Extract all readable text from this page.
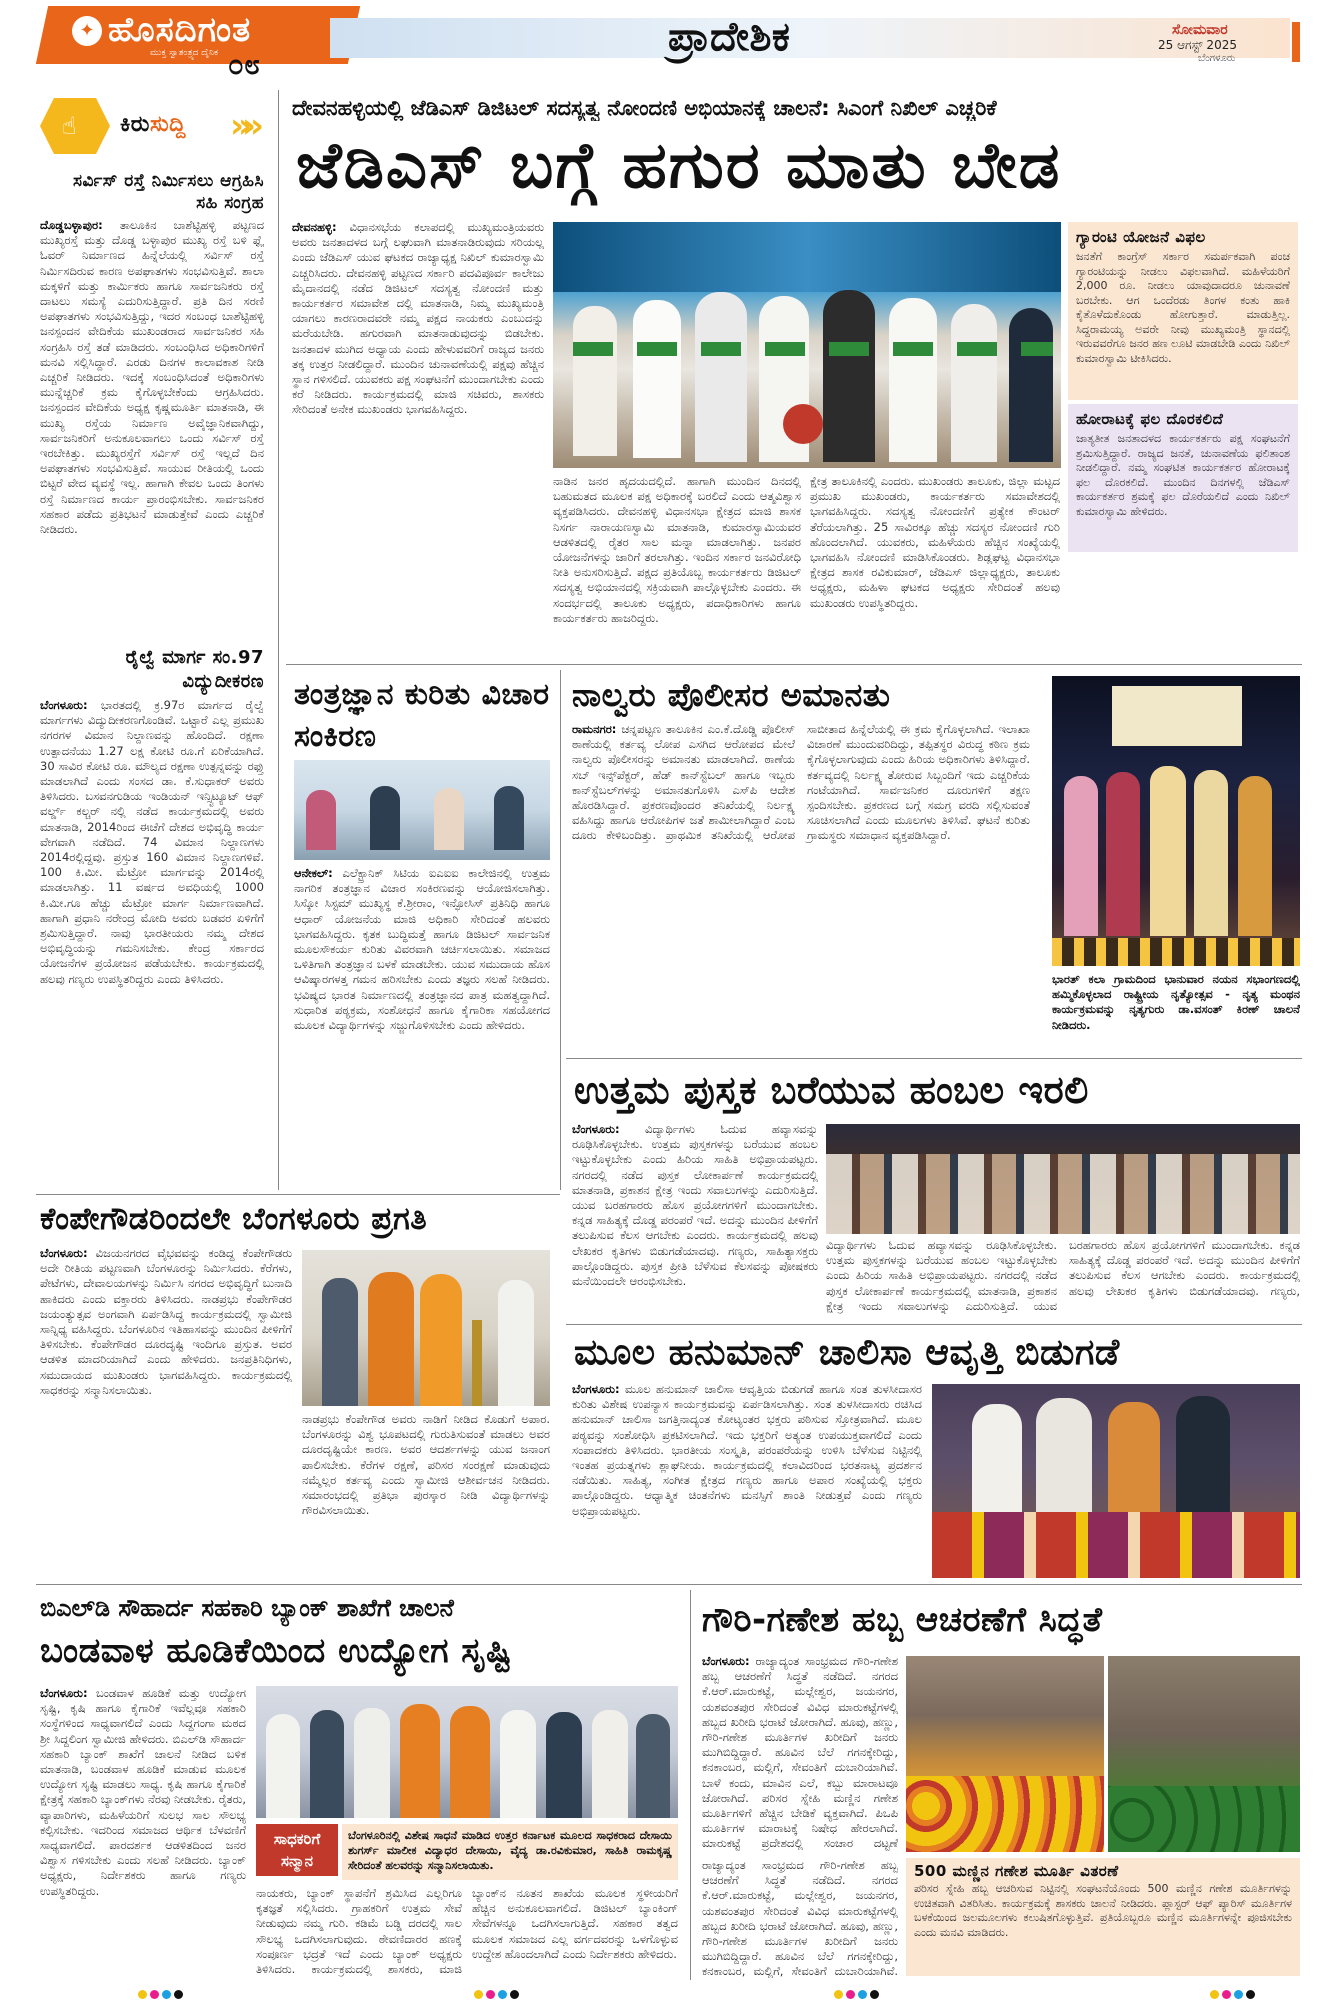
✦ ಹೊಸದಿಗಂತ
ಮುಕ್ತ ಸ್ವಾತಂತ್ರ್ಯದ ದೈನಿಕ ೦೮
ಪ್ರಾದೇಶಿಕ	ಸೋಮವಾರ
25 ಆಗಸ್ಟ್ 2025
ಬೆಂಗಳೂರು
☝ ಕಿರುಸುದ್ದಿ »»
ಸರ್ವಿಸ್ ರಸ್ತೆ ನಿರ್ಮಿಸಲು ಆಗ್ರಹಿಸಿ ಸಹಿ ಸಂಗ್ರಹ
ದೊಡ್ಡಬಳ್ಳಾಪುರ: ತಾಲೂಕಿನ ಬಾಶೆಟ್ಟಿಹಳ್ಳಿ ಪಟ್ಟಣದ ಮುಖ್ಯರಸ್ತೆ ಮತ್ತು ದೊಡ್ಡ ಬಳ್ಳಾಪುರ ಮುಖ್ಯ ರಸ್ತೆ ಬಳಿ ಫ್ಲೈ ಓವರ್ ನಿರ್ಮಾಣದ ಹಿನ್ನೆಲೆಯಲ್ಲಿ ಸರ್ವಿಸ್ ರಸ್ತೆ ನಿರ್ಮಿಸದಿರುವ ಕಾರಣ ಅಪಘಾತಗಳು ಸಂಭವಿಸುತ್ತಿವೆ. ಶಾಲಾ ಮಕ್ಕಳಿಗೆ ಮತ್ತು ಕಾರ್ಮಿಕರು ಹಾಗೂ ಸಾರ್ವಜನಿಕರು ರಸ್ತೆ ದಾಟಲು ಸಮಸ್ಯೆ ಎದುರಿಸುತ್ತಿದ್ದಾರೆ. ಪ್ರತಿ ದಿನ ಸರಣಿ ಅಪಘಾತಗಳು ಸಂಭವಿಸುತ್ತಿದ್ದು, ಇದರ ಸಂಬಂಧ ಬಾಶೆಟ್ಟಿಹಳ್ಳಿ ಜನಸ್ಪಂದನ ವೇದಿಕೆಯ ಮುಖಂಡರಾದ ಸಾರ್ವಜನಿಕರ ಸಹಿ ಸಂಗ್ರಹಿಸಿ ರಸ್ತೆ ತಡೆ ಮಾಡಿದರು. ಸಂಬಂಧಿಸಿದ ಅಧಿಕಾರಿಗಳಿಗೆ ಮನವಿ ಸಲ್ಲಿಸಿದ್ದಾರೆ. ಎರಡು ದಿನಗಳ ಕಾಲಾವಕಾಶ ನೀಡಿ ಎಚ್ಚರಿಕೆ ನೀಡಿದರು. ಇದಕ್ಕೆ ಸಂಬಂಧಿಸಿದಂತೆ ಅಧಿಕಾರಿಗಳು ಮುನ್ನೆಚ್ಚರಿಕೆ ಕ್ರಮ ಕೈಗೊಳ್ಳಬೇಕೆಂದು ಆಗ್ರಹಿಸಿದರು. ಜನಸ್ಪಂದನ ವೇದಿಕೆಯ ಅಧ್ಯಕ್ಷ ಕೃಷ್ಣಮೂರ್ತಿ ಮಾತನಾಡಿ, ಈ ಮುಖ್ಯ ರಸ್ತೆಯ ನಿರ್ಮಾಣ ಅವೈಜ್ಞಾನಿಕವಾಗಿದ್ದು, ಸಾರ್ವಜನಿಕರಿಗೆ ಅನುಕೂಲವಾಗಲು ಒಂದು ಸರ್ವಿಸ್ ರಸ್ತೆ ಇರಬೇಕಿತ್ತು. ಮುಖ್ಯರಸ್ತೆಗೆ ಸರ್ವಿಸ್ ರಸ್ತೆ ಇಲ್ಲದೆ ದಿನ ಅಪಘಾತಗಳು ಸಂಭವಿಸುತ್ತಿವೆ. ಸಾಯುವ ರೀತಿಯಲ್ಲಿ ಒಂದು ಬಿಟ್ಟರೆ ವೇದ ವ್ಯವಸ್ಥೆ ಇಲ್ಲ. ಹಾಗಾಗಿ ಕೇವಲ ಒಂದು ತಿಂಗಳು ರಸ್ತೆ ನಿರ್ಮಾಣದ ಕಾರ್ಯ ಪ್ರಾರಂಭಿಸಬೇಕು. ಸಾರ್ವಜನಿಕರ ಸಹಕಾರ ಪಡೆದು ಪ್ರತಿಭಟನೆ ಮಾಡುತ್ತೇವೆ ಎಂದು ಎಚ್ಚರಿಕೆ ನೀಡಿದರು.
ರೈಲ್ವೆ ಮಾರ್ಗ ಸಂ.97 ವಿದ್ಯುದೀಕರಣ
ಬೆಂಗಳೂರು: ಭಾರತದಲ್ಲಿ ಕ್ರ.97ರ ಮಾರ್ಗದ ರೈಲ್ವೆ ಮಾರ್ಗಗಳು ವಿದ್ಯುದೀಕರಣಗೊಂಡಿವೆ. ಒಟ್ಟಾರೆ ಎಲ್ಲ ಪ್ರಮುಖ ನಗರಗಳ ವಿಮಾನ ನಿಲ್ದಾಣವನ್ನು ಹೊಂದಿದೆ. ರಕ್ಷಣಾ ಉತ್ಪಾದನೆಯು 1.27 ಲಕ್ಷ ಕೋಟಿ ರೂ.ಗೆ ಏರಿಕೆಯಾಗಿದೆ. 30 ಸಾವಿರ ಕೋಟಿ ರೂ. ಮೌಲ್ಯದ ರಕ್ಷಣಾ ಉತ್ಪನ್ನವನ್ನು ರಫ್ತು ಮಾಡಲಾಗಿದೆ ಎಂದು ಸಂಸದ ಡಾ. ಕೆ.ಸುಧಾಕರ್ ಅವರು ತಿಳಿಸಿದರು. ಬಸವನಗುಡಿಯ ಇಂಡಿಯನ್ ಇನ್ಸ್ಟಿಟ್ಯೂಟ್ ಆಫ್ ವರ್ಲ್ಡ್ ಕಲ್ಚರ್ ನಲ್ಲಿ ನಡೆದ ಕಾರ್ಯಕ್ರಮದಲ್ಲಿ ಅವರು ಮಾತನಾಡಿ, 2014ರಿಂದ ಈಚೆಗೆ ದೇಶದ ಅಭಿವೃದ್ಧಿ ಕಾರ್ಯ ವೇಗವಾಗಿ ನಡೆದಿದೆ. 74 ವಿಮಾನ ನಿಲ್ದಾಣಗಳು 2014ರಲ್ಲಿದ್ದವು. ಪ್ರಸ್ತುತ 160 ವಿಮಾನ ನಿಲ್ದಾಣಗಳಿವೆ. 100 ಕಿ.ಮೀ. ಮೆಟ್ರೋ ಮಾರ್ಗವನ್ನು 2014ರಲ್ಲಿ ಮಾಡಲಾಗಿತ್ತು. 11 ವರ್ಷದ ಅವಧಿಯಲ್ಲಿ 1000 ಕಿ.ಮೀ.ಗೂ ಹೆಚ್ಚು ಮೆಟ್ರೋ ಮಾರ್ಗ ನಿರ್ಮಾಣವಾಗಿದೆ. ಹಾಗಾಗಿ ಪ್ರಧಾನಿ ನರೇಂದ್ರ ಮೋದಿ ಅವರು ಬಡವರ ಏಳಿಗೆಗೆ ಶ್ರಮಿಸುತ್ತಿದ್ದಾರೆ. ನಾವು ಭಾರತೀಯರು ನಮ್ಮ ದೇಶದ ಅಭಿವೃದ್ಧಿಯನ್ನು ಗಮನಿಸಬೇಕು. ಕೇಂದ್ರ ಸರ್ಕಾರದ ಯೋಜನೆಗಳ ಪ್ರಯೋಜನ ಪಡೆಯಬೇಕು. ಕಾರ್ಯಕ್ರಮದಲ್ಲಿ ಹಲವು ಗಣ್ಯರು ಉಪಸ್ಥಿತರಿದ್ದರು ಎಂದು ತಿಳಿಸಿದರು.
ದೇವನಹಳ್ಳಿಯಲ್ಲಿ ಜೆಡಿಎಸ್ ಡಿಜಿಟಲ್ ಸದಸ್ಯತ್ವ ನೋಂದಣಿ ಅಭಿಯಾನಕ್ಕೆ ಚಾಲನೆ: ಸಿಎಂಗೆ ನಿಖಿಲ್ ಎಚ್ಚರಿಕೆ
ಜೆಡಿಎಸ್ ಬಗ್ಗೆ ಹಗುರ ಮಾತು ಬೇಡ
ದೇವನಹಳ್ಳಿ: ವಿಧಾನಸಭೆಯ ಕಲಾಪದಲ್ಲಿ ಮುಖ್ಯಮಂತ್ರಿಯವರು ಅವರು ಜನತಾದಳದ ಬಗ್ಗೆ ಲಘುವಾಗಿ ಮಾತನಾಡಿರುವುದು ಸರಿಯಲ್ಲ ಎಂದು ಜೆಡಿಎಸ್ ಯುವ ಘಟಕದ ರಾಜ್ಯಾಧ್ಯಕ್ಷ ನಿಖಿಲ್ ಕುಮಾರಸ್ವಾಮಿ ಎಚ್ಚರಿಸಿದರು. ದೇವನಹಳ್ಳಿ ಪಟ್ಟಣದ ಸರ್ಕಾರಿ ಪದವಿಪೂರ್ವ ಕಾಲೇಜು ಮೈದಾನದಲ್ಲಿ ನಡೆದ ಡಿಜಿಟಲ್ ಸದಸ್ಯತ್ವ ನೋಂದಣಿ ಮತ್ತು ಕಾರ್ಯಕರ್ತರ ಸಮಾವೇಶ ದಲ್ಲಿ ಮಾತನಾಡಿ, ನಿಮ್ಮ ಮುಖ್ಯಮಂತ್ರಿ ಯಾಗಲು ಕಾರಣರಾದವರೇ ನಮ್ಮ ಪಕ್ಷದ ನಾಯಕರು ಎಂಬುದನ್ನು ಮರೆಯಬೇಡಿ. ಹಗುರವಾಗಿ ಮಾತನಾಡುವುದನ್ನು ಬಿಡಬೇಕು. ಜನತಾದಳ ಮುಗಿದ ಅಧ್ಯಾಯ ಎಂದು ಹೇಳುವವರಿಗೆ ರಾಜ್ಯದ ಜನರು ತಕ್ಕ ಉತ್ತರ ನೀಡಲಿದ್ದಾರೆ. ಮುಂದಿನ ಚುನಾವಣೆಯಲ್ಲಿ ಪಕ್ಷವು ಹೆಚ್ಚಿನ ಸ್ಥಾನ ಗಳಿಸಲಿದೆ. ಯುವಕರು ಪಕ್ಷ ಸಂಘಟನೆಗೆ ಮುಂದಾಗಬೇಕು ಎಂದು ಕರೆ ನೀಡಿದರು. ಕಾರ್ಯಕ್ರಮದಲ್ಲಿ ಮಾಜಿ ಸಚಿವರು, ಶಾಸಕರು ಸೇರಿದಂತೆ ಅನೇಕ ಮುಖಂಡರು ಭಾಗವಹಿಸಿದ್ದರು.
ನಾಡಿನ ಜನರ ಹೃದಯದಲ್ಲಿದೆ. ಹಾಗಾಗಿ ಮುಂದಿನ ದಿನದಲ್ಲಿ ಬಹುಮತದ ಮೂಲಕ ಪಕ್ಷ ಅಧಿಕಾರಕ್ಕೆ ಬರಲಿದೆ ಎಂದು ಆತ್ಮವಿಶ್ವಾಸ ವ್ಯಕ್ತಪಡಿಸಿದರು. ದೇವನಹಳ್ಳಿ ವಿಧಾನಸಭಾ ಕ್ಷೇತ್ರದ ಮಾಜಿ ಶಾಸಕ ನಿಸರ್ಗ ನಾರಾಯಣಸ್ವಾಮಿ ಮಾತನಾಡಿ, ಕುಮಾರಸ್ವಾಮಿಯವರ ಆಡಳಿತದಲ್ಲಿ ರೈತರ ಸಾಲ ಮನ್ನಾ ಮಾಡಲಾಗಿತ್ತು. ಜನಪರ ಯೋಜನೆಗಳನ್ನು ಜಾರಿಗೆ ತರಲಾಗಿತ್ತು. ಇಂದಿನ ಸರ್ಕಾರ ಜನವಿರೋಧಿ ನೀತಿ ಅನುಸರಿಸುತ್ತಿದೆ. ಪಕ್ಷದ ಪ್ರತಿಯೊಬ್ಬ ಕಾರ್ಯಕರ್ತರು ಡಿಜಿಟಲ್ ಸದಸ್ಯತ್ವ ಅಭಿಯಾನದಲ್ಲಿ ಸಕ್ರಿಯವಾಗಿ ಪಾಲ್ಗೊಳ್ಳಬೇಕು ಎಂದರು. ಈ ಸಂದರ್ಭದಲ್ಲಿ ತಾಲೂಕು ಅಧ್ಯಕ್ಷರು, ಪದಾಧಿಕಾರಿಗಳು ಹಾಗೂ ಕಾರ್ಯಕರ್ತರು ಹಾಜರಿದ್ದರು.
ಕ್ಷೇತ್ರ ತಾಲೂಕಿನಲ್ಲಿ ಎಂದರು. ಮುಖಂಡರು ತಾಲೂಕು, ಜಿಲ್ಲಾ ಮಟ್ಟದ ಪ್ರಮುಖ ಮುಖಂಡರು, ಕಾರ್ಯಕರ್ತರು ಸಮಾವೇಶದಲ್ಲಿ ಭಾಗವಹಿಸಿದ್ದರು. ಸದಸ್ಯತ್ವ ನೋಂದಣಿಗೆ ಪ್ರತ್ಯೇಕ ಕೌಂಟರ್ ತೆರೆಯಲಾಗಿತ್ತು. 25 ಸಾವಿರಕ್ಕೂ ಹೆಚ್ಚು ಸದಸ್ಯರ ನೋಂದಣಿ ಗುರಿ ಹೊಂದಲಾಗಿದೆ. ಯುವಕರು, ಮಹಿಳೆಯರು ಹೆಚ್ಚಿನ ಸಂಖ್ಯೆಯಲ್ಲಿ ಭಾಗವಹಿಸಿ ನೋಂದಣಿ ಮಾಡಿಸಿಕೊಂಡರು. ಶಿಡ್ಲಘಟ್ಟ ವಿಧಾನಸಭಾ ಕ್ಷೇತ್ರದ ಶಾಸಕ ರವಿಕುಮಾರ್, ಜೆಡಿಎಸ್ ಜಿಲ್ಲಾಧ್ಯಕ್ಷರು, ತಾಲೂಕು ಅಧ್ಯಕ್ಷರು, ಮಹಿಳಾ ಘಟಕದ ಅಧ್ಯಕ್ಷರು ಸೇರಿದಂತೆ ಹಲವು ಮುಖಂಡರು ಉಪಸ್ಥಿತರಿದ್ದರು.
ಗ್ಯಾರಂಟಿ ಯೋಜನೆ ವಿಫಲ
ಜನತೆಗೆ ಕಾಂಗ್ರೆಸ್ ಸರ್ಕಾರ ಸಮರ್ಪಕವಾಗಿ ಪಂಚ ಗ್ಯಾರಂಟಿಯನ್ನು ನೀಡಲು ವಿಫಲವಾಗಿದೆ. ಮಹಿಳೆಯರಿಗೆ 2,000 ರೂ. ನೀಡಲು ಯಾವುದಾದರೂ ಚುನಾವಣೆ ಬರಬೇಕು. ಆಗ ಒಂದೆರಡು ತಿಂಗಳ ಕಂತು ಹಾಕಿ ಕೈತೊಳೆದುಕೊಂಡು ಹೋಗುತ್ತಾರೆ. ಮಾಡುತ್ತಿಲ್ಲ. ಸಿದ್ದರಾಮಯ್ಯ ಅವರೇ ನೀವು ಮುಖ್ಯಮಂತ್ರಿ ಸ್ಥಾನದಲ್ಲಿ ಇರುವವರೆಗೂ ಜನರ ಹಣ ಲೂಟಿ ಮಾಡಬೇಡಿ ಎಂದು ನಿಖಿಲ್ ಕುಮಾರಸ್ವಾಮಿ ಟೀಕಿಸಿದರು.
ಹೋರಾಟಕ್ಕೆ ಫಲ ದೊರಕಲಿದೆ
ಜಾತ್ಯತೀತ ಜನತಾದಳದ ಕಾರ್ಯಕರ್ತರು ಪಕ್ಷ ಸಂಘಟನೆಗೆ ಶ್ರಮಿಸುತ್ತಿದ್ದಾರೆ. ರಾಜ್ಯದ ಜನತೆ, ಚುನಾವಣೆಯ ಫಲಿತಾಂಶ ನೀಡಲಿದ್ದಾರೆ. ನಮ್ಮ ಸಂಘಟಿತ ಕಾರ್ಯಕರ್ತರ ಹೋರಾಟಕ್ಕೆ ಫಲ ದೊರಕಲಿದೆ. ಮುಂದಿನ ದಿನಗಳಲ್ಲಿ ಜೆಡಿಎಸ್ ಕಾರ್ಯಕರ್ತರ ಶ್ರಮಕ್ಕೆ ಫಲ ದೊರೆಯಲಿದೆ ಎಂದು ನಿಖಿಲ್ ಕುಮಾರಸ್ವಾಮಿ ಹೇಳಿದರು.
ತಂತ್ರಜ್ಞಾನ ಕುರಿತು ವಿಚಾರ ಸಂಕಿರಣ
ಆನೇಕಲ್: ಎಲೆಕ್ಟ್ರಾನಿಕ್ ಸಿಟಿಯ ಐಎಐಐ ಕಾಲೇಜಿನಲ್ಲಿ ಉತ್ತಮ ನಾಗರಿಕ ತಂತ್ರಜ್ಞಾನ ವಿಚಾರ ಸಂಕಿರಣವನ್ನು ಆಯೋಜಿಸಲಾಗಿತ್ತು. ಸಿಸ್ಕೋ ಸಿಸ್ಟಮ್ ಮುಖ್ಯಸ್ಥ ಕೆ.ಶ್ರೀರಾಂ, ಇನ್ಫೋಸಿಸ್ ಪ್ರತಿನಿಧಿ ಹಾಗೂ ಆಧಾರ್ ಯೋಜನೆಯ ಮಾಜಿ ಅಧಿಕಾರಿ ಸೇರಿದಂತೆ ಹಲವರು ಭಾಗವಹಿಸಿದ್ದರು. ಕೃತಕ ಬುದ್ಧಿಮತ್ತೆ ಹಾಗೂ ಡಿಜಿಟಲ್ ಸಾರ್ವಜನಿಕ ಮೂಲಸೌಕರ್ಯ ಕುರಿತು ವಿವರವಾಗಿ ಚರ್ಚಿಸಲಾಯಿತು. ಸಮಾಜದ ಒಳಿತಿಗಾಗಿ ತಂತ್ರಜ್ಞಾನ ಬಳಕೆ ಮಾಡಬೇಕು. ಯುವ ಸಮುದಾಯ ಹೊಸ ಆವಿಷ್ಕಾರಗಳತ್ತ ಗಮನ ಹರಿಸಬೇಕು ಎಂದು ತಜ್ಞರು ಸಲಹೆ ನೀಡಿದರು. ಭವಿಷ್ಯದ ಭಾರತ ನಿರ್ಮಾಣದಲ್ಲಿ ತಂತ್ರಜ್ಞಾನದ ಪಾತ್ರ ಮಹತ್ವದ್ದಾಗಿದೆ. ಸುಧಾರಿತ ಪಠ್ಯಕ್ರಮ, ಸಂಶೋಧನೆ ಹಾಗೂ ಕೈಗಾರಿಕಾ ಸಹಯೋಗದ ಮೂಲಕ ವಿದ್ಯಾರ್ಥಿಗಳನ್ನು ಸಜ್ಜುಗೊಳಿಸಬೇಕು ಎಂದು ಹೇಳಿದರು.
ನಾಲ್ವರು ಪೊಲೀಸರ ಅಮಾನತು
ರಾಮನಗರ: ಚನ್ನಪಟ್ಟಣ ತಾಲೂಕಿನ ಎಂ.ಕೆ.ದೊಡ್ಡಿ ಪೊಲೀಸ್ ಠಾಣೆಯಲ್ಲಿ ಕರ್ತವ್ಯ ಲೋಪ ಎಸಗಿದ ಆರೋಪದ ಮೇಲೆ ನಾಲ್ವರು ಪೊಲೀಸರನ್ನು ಅಮಾನತು ಮಾಡಲಾಗಿದೆ. ಠಾಣೆಯ ಸಬ್ ಇನ್ಸ್‌ಪೆಕ್ಟರ್, ಹೆಡ್ ಕಾನ್‌ಸ್ಟೆಬಲ್ ಹಾಗೂ ಇಬ್ಬರು ಕಾನ್‌ಸ್ಟೆಬಲ್‌ಗಳನ್ನು ಅಮಾನತುಗೊಳಿಸಿ ಎಸ್‌ಪಿ ಆದೇಶ ಹೊರಡಿಸಿದ್ದಾರೆ. ಪ್ರಕರಣವೊಂದರ ತನಿಖೆಯಲ್ಲಿ ನಿರ್ಲಕ್ಷ್ಯ ವಹಿಸಿದ್ದು ಹಾಗೂ ಆರೋಪಿಗಳ ಜತೆ ಶಾಮೀಲಾಗಿದ್ದಾರೆ ಎಂಬ ದೂರು ಕೇಳಿಬಂದಿತ್ತು. ಪ್ರಾಥಮಿಕ ತನಿಖೆಯಲ್ಲಿ ಆರೋಪ ಸಾಬೀತಾದ ಹಿನ್ನೆಲೆಯಲ್ಲಿ ಈ ಕ್ರಮ ಕೈಗೊಳ್ಳಲಾಗಿದೆ. ಇಲಾಖಾ ವಿಚಾರಣೆ ಮುಂದುವರಿದಿದ್ದು, ತಪ್ಪಿತಸ್ಥರ ವಿರುದ್ಧ ಕಠಿಣ ಕ್ರಮ ಕೈಗೊಳ್ಳಲಾಗುವುದು ಎಂದು ಹಿರಿಯ ಅಧಿಕಾರಿಗಳು ತಿಳಿಸಿದ್ದಾರೆ. ಕರ್ತವ್ಯದಲ್ಲಿ ನಿರ್ಲಕ್ಷ್ಯ ತೋರುವ ಸಿಬ್ಬಂದಿಗೆ ಇದು ಎಚ್ಚರಿಕೆಯ ಗಂಟೆಯಾಗಿದೆ. ಸಾರ್ವಜನಿಕರ ದೂರುಗಳಿಗೆ ತಕ್ಷಣ ಸ್ಪಂದಿಸಬೇಕು. ಪ್ರಕರಣದ ಬಗ್ಗೆ ಸಮಗ್ರ ವರದಿ ಸಲ್ಲಿಸುವಂತೆ ಸೂಚಿಸಲಾಗಿದೆ ಎಂದು ಮೂಲಗಳು ತಿಳಿಸಿವೆ. ಘಟನೆ ಕುರಿತು ಗ್ರಾಮಸ್ಥರು ಸಮಾಧಾನ ವ್ಯಕ್ತಪಡಿಸಿದ್ದಾರೆ.
ಭಾರತ್ ಕಲಾ ಗ್ರಾಮದಿಂದ ಭಾನುವಾರ ನಯನ ಸಭಾಂಗಣದಲ್ಲಿ ಹಮ್ಮಿಕೊಳ್ಳಲಾದ ರಾಷ್ಟ್ರೀಯ ನೃತ್ಯೋತ್ಸವ - ನೃತ್ಯ ಮಂಥನ ಕಾರ್ಯಕ್ರಮವನ್ನು ನೃತ್ಯಗುರು ಡಾ.ವಸಂತ್ ಕಿರಣ್ ಚಾಲನೆ ನೀಡಿದರು.
ಉತ್ತಮ ಪುಸ್ತಕ ಬರೆಯುವ ಹಂಬಲ ಇರಲಿ
ಬೆಂಗಳೂರು: ವಿದ್ಯಾರ್ಥಿಗಳು ಓದುವ ಹವ್ಯಾಸವನ್ನು ರೂಢಿಸಿಕೊಳ್ಳಬೇಕು. ಉತ್ತಮ ಪುಸ್ತಕಗಳನ್ನು ಬರೆಯುವ ಹಂಬಲ ಇಟ್ಟುಕೊಳ್ಳಬೇಕು ಎಂದು ಹಿರಿಯ ಸಾಹಿತಿ ಅಭಿಪ್ರಾಯಪಟ್ಟರು. ನಗರದಲ್ಲಿ ನಡೆದ ಪುಸ್ತಕ ಲೋಕಾರ್ಪಣೆ ಕಾರ್ಯಕ್ರಮದಲ್ಲಿ ಮಾತನಾಡಿ, ಪ್ರಕಾಶನ ಕ್ಷೇತ್ರ ಇಂದು ಸವಾಲುಗಳನ್ನು ಎದುರಿಸುತ್ತಿದೆ. ಯುವ ಬರಹಗಾರರು ಹೊಸ ಪ್ರಯೋಗಗಳಿಗೆ ಮುಂದಾಗಬೇಕು. ಕನ್ನಡ ಸಾಹಿತ್ಯಕ್ಕೆ ದೊಡ್ಡ ಪರಂಪರೆ ಇದೆ. ಅದನ್ನು ಮುಂದಿನ ಪೀಳಿಗೆಗೆ ತಲುಪಿಸುವ ಕೆಲಸ ಆಗಬೇಕು ಎಂದರು. ಕಾರ್ಯಕ್ರಮದಲ್ಲಿ ಹಲವು ಲೇಖಕರ ಕೃತಿಗಳು ಬಿಡುಗಡೆಯಾದವು. ಗಣ್ಯರು, ಸಾಹಿತ್ಯಾಸಕ್ತರು ಪಾಲ್ಗೊಂಡಿದ್ದರು. ಪುಸ್ತಕ ಪ್ರೀತಿ ಬೆಳೆಸುವ ಕೆಲಸವನ್ನು ಪೋಷಕರು ಮನೆಯಿಂದಲೇ ಆರಂಭಿಸಬೇಕು.
ವಿದ್ಯಾರ್ಥಿಗಳು ಓದುವ ಹವ್ಯಾಸವನ್ನು ರೂಢಿಸಿಕೊಳ್ಳಬೇಕು. ಉತ್ತಮ ಪುಸ್ತಕಗಳನ್ನು ಬರೆಯುವ ಹಂಬಲ ಇಟ್ಟುಕೊಳ್ಳಬೇಕು ಎಂದು ಹಿರಿಯ ಸಾಹಿತಿ ಅಭಿಪ್ರಾಯಪಟ್ಟರು. ನಗರದಲ್ಲಿ ನಡೆದ ಪುಸ್ತಕ ಲೋಕಾರ್ಪಣೆ ಕಾರ್ಯಕ್ರಮದಲ್ಲಿ ಮಾತನಾಡಿ, ಪ್ರಕಾಶನ ಕ್ಷೇತ್ರ ಇಂದು ಸವಾಲುಗಳನ್ನು ಎದುರಿಸುತ್ತಿದೆ. ಯುವ ಬರಹಗಾರರು ಹೊಸ ಪ್ರಯೋಗಗಳಿಗೆ ಮುಂದಾಗಬೇಕು. ಕನ್ನಡ ಸಾಹಿತ್ಯಕ್ಕೆ ದೊಡ್ಡ ಪರಂಪರೆ ಇದೆ. ಅದನ್ನು ಮುಂದಿನ ಪೀಳಿಗೆಗೆ ತಲುಪಿಸುವ ಕೆಲಸ ಆಗಬೇಕು ಎಂದರು. ಕಾರ್ಯಕ್ರಮದಲ್ಲಿ ಹಲವು ಲೇಖಕರ ಕೃತಿಗಳು ಬಿಡುಗಡೆಯಾದವು. ಗಣ್ಯರು,
ಕೆಂಪೇಗೌಡರಿಂದಲೇ ಬೆಂಗಳೂರು ಪ್ರಗತಿ
ಬೆಂಗಳೂರು: ವಿಜಯನಗರದ ವೈಭವವನ್ನು ಕಂಡಿದ್ದ ಕೆಂಪೇಗೌಡರು ಅದೇ ರೀತಿಯ ಪಟ್ಟಣವಾಗಿ ಬೆಂಗಳೂರನ್ನು ನಿರ್ಮಿಸಿದರು. ಕೆರೆಗಳು, ಪೇಟೆಗಳು, ದೇವಾಲಯಗಳನ್ನು ನಿರ್ಮಿಸಿ ನಗರದ ಅಭಿವೃದ್ಧಿಗೆ ಬುನಾದಿ ಹಾಕಿದರು ಎಂದು ವಕ್ತಾರರು ತಿಳಿಸಿದರು. ನಾಡಪ್ರಭು ಕೆಂಪೇಗೌಡರ ಜಯಂತ್ಯುತ್ಸವ ಅಂಗವಾಗಿ ಏರ್ಪಡಿಸಿದ್ದ ಕಾರ್ಯಕ್ರಮದಲ್ಲಿ ಸ್ವಾಮೀಜಿ ಸಾನ್ನಿಧ್ಯ ವಹಿಸಿದ್ದರು. ಬೆಂಗಳೂರಿನ ಇತಿಹಾಸವನ್ನು ಮುಂದಿನ ಪೀಳಿಗೆಗೆ ತಿಳಿಸಬೇಕು. ಕೆಂಪೇಗೌಡರ ದೂರದೃಷ್ಟಿ ಇಂದಿಗೂ ಪ್ರಸ್ತುತ. ಅವರ ಆಡಳಿತ ಮಾದರಿಯಾಗಿದೆ ಎಂದು ಹೇಳಿದರು. ಜನಪ್ರತಿನಿಧಿಗಳು, ಸಮುದಾಯದ ಮುಖಂಡರು ಭಾಗವಹಿಸಿದ್ದರು. ಕಾರ್ಯಕ್ರಮದಲ್ಲಿ ಸಾಧಕರನ್ನು ಸನ್ಮಾನಿಸಲಾಯಿತು.
ನಾಡಪ್ರಭು ಕೆಂಪೇಗೌಡ ಅವರು ನಾಡಿಗೆ ನೀಡಿದ ಕೊಡುಗೆ ಅಪಾರ. ಬೆಂಗಳೂರನ್ನು ವಿಶ್ವ ಭೂಪಟದಲ್ಲಿ ಗುರುತಿಸುವಂತೆ ಮಾಡಲು ಅವರ ದೂರದೃಷ್ಟಿಯೇ ಕಾರಣ. ಅವರ ಆದರ್ಶಗಳನ್ನು ಯುವ ಜನಾಂಗ ಪಾಲಿಸಬೇಕು. ಕೆರೆಗಳ ರಕ್ಷಣೆ, ಪರಿಸರ ಸಂರಕ್ಷಣೆ ಮಾಡುವುದು ನಮ್ಮೆಲ್ಲರ ಕರ್ತವ್ಯ ಎಂದು ಸ್ವಾಮೀಜಿ ಆಶೀರ್ವಚನ ನೀಡಿದರು. ಸಮಾರಂಭದಲ್ಲಿ ಪ್ರತಿಭಾ ಪುರಸ್ಕಾರ ನೀಡಿ ವಿದ್ಯಾರ್ಥಿಗಳನ್ನು ಗೌರವಿಸಲಾಯಿತು.
ಮೂಲ ಹನುಮಾನ್ ಚಾಲಿಸಾ ಆವೃತ್ತಿ ಬಿಡುಗಡೆ
ಬೆಂಗಳೂರು: ಮೂಲ ಹನುಮಾನ್ ಚಾಲಿಸಾ ಆವೃತ್ತಿಯ ಬಿಡುಗಡೆ ಹಾಗೂ ಸಂತ ತುಳಸೀದಾಸರ ಕುರಿತು ವಿಶೇಷ ಉಪನ್ಯಾಸ ಕಾರ್ಯಕ್ರಮವನ್ನು ಏರ್ಪಡಿಸಲಾಗಿತ್ತು. ಸಂತ ತುಳಸೀದಾಸರು ರಚಿಸಿದ ಹನುಮಾನ್ ಚಾಲಿಸಾ ಜಗತ್ತಿನಾದ್ಯಂತ ಕೋಟ್ಯಂತರ ಭಕ್ತರು ಪಠಿಸುವ ಸ್ತೋತ್ರವಾಗಿದೆ. ಮೂಲ ಪಠ್ಯವನ್ನು ಸಂಶೋಧಿಸಿ ಪ್ರಕಟಿಸಲಾಗಿದೆ. ಇದು ಭಕ್ತರಿಗೆ ಅತ್ಯಂತ ಉಪಯುಕ್ತವಾಗಲಿದೆ ಎಂದು ಸಂಪಾದಕರು ತಿಳಿಸಿದರು. ಭಾರತೀಯ ಸಂಸ್ಕೃತಿ, ಪರಂಪರೆಯನ್ನು ಉಳಿಸಿ ಬೆಳೆಸುವ ನಿಟ್ಟಿನಲ್ಲಿ ಇಂತಹ ಪ್ರಯತ್ನಗಳು ಶ್ಲಾಘನೀಯ. ಕಾರ್ಯಕ್ರಮದಲ್ಲಿ ಕಲಾವಿದರಿಂದ ಭರತನಾಟ್ಯ ಪ್ರದರ್ಶನ ನಡೆಯಿತು. ಸಾಹಿತ್ಯ, ಸಂಗೀತ ಕ್ಷೇತ್ರದ ಗಣ್ಯರು ಹಾಗೂ ಅಪಾರ ಸಂಖ್ಯೆಯಲ್ಲಿ ಭಕ್ತರು ಪಾಲ್ಗೊಂಡಿದ್ದರು. ಆಧ್ಯಾತ್ಮಿಕ ಚಿಂತನೆಗಳು ಮನಸ್ಸಿಗೆ ಶಾಂತಿ ನೀಡುತ್ತವೆ ಎಂದು ಗಣ್ಯರು ಅಭಿಪ್ರಾಯಪಟ್ಟರು.
ಬಿಎಲ್‌ಡಿ ಸೌಹಾರ್ದ ಸಹಕಾರಿ ಬ್ಯಾಂಕ್ ಶಾಖೆಗೆ ಚಾಲನೆ
ಬಂಡವಾಳ ಹೂಡಿಕೆಯಿಂದ ಉದ್ಯೋಗ ಸೃಷ್ಟಿ
ಬೆಂಗಳೂರು: ಬಂಡವಾಳ ಹೂಡಿಕೆ ಮತ್ತು ಉದ್ಯೋಗ ಸೃಷ್ಟಿ, ಕೃಷಿ ಹಾಗೂ ಕೈಗಾರಿಕೆ ಇವೆಲ್ಲವೂ ಸಹಕಾರಿ ಸಂಸ್ಥೆಗಳಿಂದ ಸಾಧ್ಯವಾಗಲಿದೆ ಎಂದು ಸಿದ್ದಗಂಗಾ ಮಠದ ಶ್ರೀ ಸಿದ್ದಲಿಂಗ ಸ್ವಾಮೀಜಿ ಹೇಳಿದರು. ಬಿಎಲ್‌ಡಿ ಸೌಹಾರ್ದ ಸಹಕಾರಿ ಬ್ಯಾಂಕ್ ಶಾಖೆಗೆ ಚಾಲನೆ ನೀಡಿದ ಬಳಿಕ ಮಾತನಾಡಿ, ಬಂಡವಾಳ ಹೂಡಿಕೆ ಮಾಡುವ ಮೂಲಕ ಉದ್ಯೋಗ ಸೃಷ್ಟಿ ಮಾಡಲು ಸಾಧ್ಯ. ಕೃಷಿ ಹಾಗೂ ಕೈಗಾರಿಕೆ ಕ್ಷೇತ್ರಕ್ಕೆ ಸಹಕಾರಿ ಬ್ಯಾಂಕ್‌ಗಳು ನೆರವು ನೀಡಬೇಕು. ರೈತರು, ವ್ಯಾಪಾರಿಗಳು, ಮಹಿಳೆಯರಿಗೆ ಸುಲಭ ಸಾಲ ಸೌಲಭ್ಯ ಕಲ್ಪಿಸಬೇಕು. ಇದರಿಂದ ಸಮಾಜದ ಆರ್ಥಿಕ ಬೆಳವಣಿಗೆ ಸಾಧ್ಯವಾಗಲಿದೆ. ಪಾರದರ್ಶಕ ಆಡಳಿತದಿಂದ ಜನರ ವಿಶ್ವಾಸ ಗಳಿಸಬೇಕು ಎಂದು ಸಲಹೆ ನೀಡಿದರು. ಬ್ಯಾಂಕ್ ಅಧ್ಯಕ್ಷರು, ನಿರ್ದೇಶಕರು ಹಾಗೂ ಗಣ್ಯರು ಉಪಸ್ಥಿತರಿದ್ದರು.
ಸಾಧಕರಿಗೆ ಸನ್ಮಾನ
ಬೆಂಗಳೂರಿನಲ್ಲಿ ವಿಶೇಷ ಸಾಧನೆ ಮಾಡಿದ ಉತ್ತರ ಕರ್ನಾಟಕ ಮೂಲದ ಸಾಧಕರಾದ ದೇಸಾಯಿ ಶುಗರ್ಸ್ ಮಾಲೀಕ ವಿದ್ಯಾಧರ ದೇಸಾಯಿ, ವೈದ್ಯ ಡಾ.ರವಿಕುಮಾರ, ಸಾಹಿತಿ ರಾಮಕೃಷ್ಣ ಸೇರಿದಂತೆ ಹಲವರನ್ನು ಸನ್ಮಾನಿಸಲಾಯಿತು.
ನಾಯಕರು, ಬ್ಯಾಂಕ್ ಸ್ಥಾಪನೆಗೆ ಶ್ರಮಿಸಿದ ಎಲ್ಲರಿಗೂ ಕೃತಜ್ಞತೆ ಸಲ್ಲಿಸಿದರು. ಗ್ರಾಹಕರಿಗೆ ಉತ್ತಮ ಸೇವೆ ನೀಡುವುದು ನಮ್ಮ ಗುರಿ. ಕಡಿಮೆ ಬಡ್ಡಿ ದರದಲ್ಲಿ ಸಾಲ ಸೌಲಭ್ಯ ಒದಗಿಸಲಾಗುವುದು. ಠೇವಣಿದಾರರ ಹಣಕ್ಕೆ ಸಂಪೂರ್ಣ ಭದ್ರತೆ ಇದೆ ಎಂದು ಬ್ಯಾಂಕ್ ಅಧ್ಯಕ್ಷರು ತಿಳಿಸಿದರು. ಕಾರ್ಯಕ್ರಮದಲ್ಲಿ ಶಾಸಕರು, ಮಾಜಿ
ಬ್ಯಾಂಕ್‌ನ ನೂತನ ಶಾಖೆಯ ಮೂಲಕ ಸ್ಥಳೀಯರಿಗೆ ಹೆಚ್ಚಿನ ಅನುಕೂಲವಾಗಲಿದೆ. ಡಿಜಿಟಲ್ ಬ್ಯಾಂಕಿಂಗ್ ಸೇವೆಗಳನ್ನೂ ಒದಗಿಸಲಾಗುತ್ತಿದೆ. ಸಹಕಾರ ತತ್ವದ ಮೂಲಕ ಸಮಾಜದ ಎಲ್ಲ ವರ್ಗದವರನ್ನು ಒಳಗೊಳ್ಳುವ ಉದ್ದೇಶ ಹೊಂದಲಾಗಿದೆ ಎಂದು ನಿರ್ದೇಶಕರು ಹೇಳಿದರು.
ಗೌರಿ-ಗಣೇಶ ಹಬ್ಬ ಆಚರಣೆಗೆ ಸಿದ್ಧತೆ
ಬೆಂಗಳೂರು: ರಾಜ್ಯಾದ್ಯಂತ ಸಾಂಭ್ರಮದ ಗೌರಿ-ಗಣೇಶ ಹಬ್ಬ ಆಚರಣೆಗೆ ಸಿದ್ಧತೆ ನಡೆದಿದೆ. ನಗರದ ಕೆ.ಆರ್.ಮಾರುಕಟ್ಟೆ, ಮಲ್ಲೇಶ್ವರ, ಜಯನಗರ, ಯಶವಂತಪುರ ಸೇರಿದಂತೆ ವಿವಿಧ ಮಾರುಕಟ್ಟೆಗಳಲ್ಲಿ ಹಬ್ಬದ ಖರೀದಿ ಭರಾಟೆ ಜೋರಾಗಿದೆ. ಹೂವು, ಹಣ್ಣು, ಗೌರಿ-ಗಣೇಶ ಮೂರ್ತಿಗಳ ಖರೀದಿಗೆ ಜನರು ಮುಗಿಬಿದ್ದಿದ್ದಾರೆ. ಹೂವಿನ ಬೆಲೆ ಗಗನಕ್ಕೇರಿದ್ದು, ಕನಕಾಂಬರ, ಮಲ್ಲಿಗೆ, ಸೇವಂತಿಗೆ ದುಬಾರಿಯಾಗಿವೆ. ಬಾಳೆ ಕಂದು, ಮಾವಿನ ಎಲೆ, ಕಬ್ಬು ಮಾರಾಟವೂ ಜೋರಾಗಿದೆ. ಪರಿಸರ ಸ್ನೇಹಿ ಮಣ್ಣಿನ ಗಣೇಶ ಮೂರ್ತಿಗಳಿಗೆ ಹೆಚ್ಚಿನ ಬೇಡಿಕೆ ವ್ಯಕ್ತವಾಗಿದೆ. ಪಿಒಪಿ ಮೂರ್ತಿಗಳ ಮಾರಾಟಕ್ಕೆ ನಿಷೇಧ ಹೇರಲಾಗಿದೆ. ಮಾರುಕಟ್ಟೆ ಪ್ರದೇಶದಲ್ಲಿ ಸಂಚಾರ ದಟ್ಟಣೆ
500 ಮಣ್ಣಿನ ಗಣೇಶ ಮೂರ್ತಿ ವಿತರಣೆ
ಪರಿಸರ ಸ್ನೇಹಿ ಹಬ್ಬ ಆಚರಿಸುವ ನಿಟ್ಟಿನಲ್ಲಿ ಸಂಘಟನೆಯೊಂದು 500 ಮಣ್ಣಿನ ಗಣೇಶ ಮೂರ್ತಿಗಳನ್ನು ಉಚಿತವಾಗಿ ವಿತರಿಸಿತು. ಕಾರ್ಯಕ್ರಮಕ್ಕೆ ಶಾಸಕರು ಚಾಲನೆ ನೀಡಿದರು. ಪ್ಲಾಸ್ಟರ್ ಆಫ್ ಪ್ಯಾರಿಸ್ ಮೂರ್ತಿಗಳ ಬಳಕೆಯಿಂದ ಜಲಮೂಲಗಳು ಕಲುಷಿತಗೊಳ್ಳುತ್ತಿವೆ. ಪ್ರತಿಯೊಬ್ಬರೂ ಮಣ್ಣಿನ ಮೂರ್ತಿಗಳನ್ನೇ ಪೂಜಿಸಬೇಕು ಎಂದು ಮನವಿ ಮಾಡಿದರು.
ರಾಜ್ಯಾದ್ಯಂತ ಸಾಂಭ್ರಮದ ಗೌರಿ-ಗಣೇಶ ಹಬ್ಬ ಆಚರಣೆಗೆ ಸಿದ್ಧತೆ ನಡೆದಿದೆ. ನಗರದ ಕೆ.ಆರ್.ಮಾರುಕಟ್ಟೆ, ಮಲ್ಲೇಶ್ವರ, ಜಯನಗರ, ಯಶವಂತಪುರ ಸೇರಿದಂತೆ ವಿವಿಧ ಮಾರುಕಟ್ಟೆಗಳಲ್ಲಿ ಹಬ್ಬದ ಖರೀದಿ ಭರಾಟೆ ಜೋರಾಗಿದೆ. ಹೂವು, ಹಣ್ಣು, ಗೌರಿ-ಗಣೇಶ ಮೂರ್ತಿಗಳ ಖರೀದಿಗೆ ಜನರು ಮುಗಿಬಿದ್ದಿದ್ದಾರೆ. ಹೂವಿನ ಬೆಲೆ ಗಗನಕ್ಕೇರಿದ್ದು, ಕನಕಾಂಬರ, ಮಲ್ಲಿಗೆ, ಸೇವಂತಿಗೆ ದುಬಾರಿಯಾಗಿವೆ.
